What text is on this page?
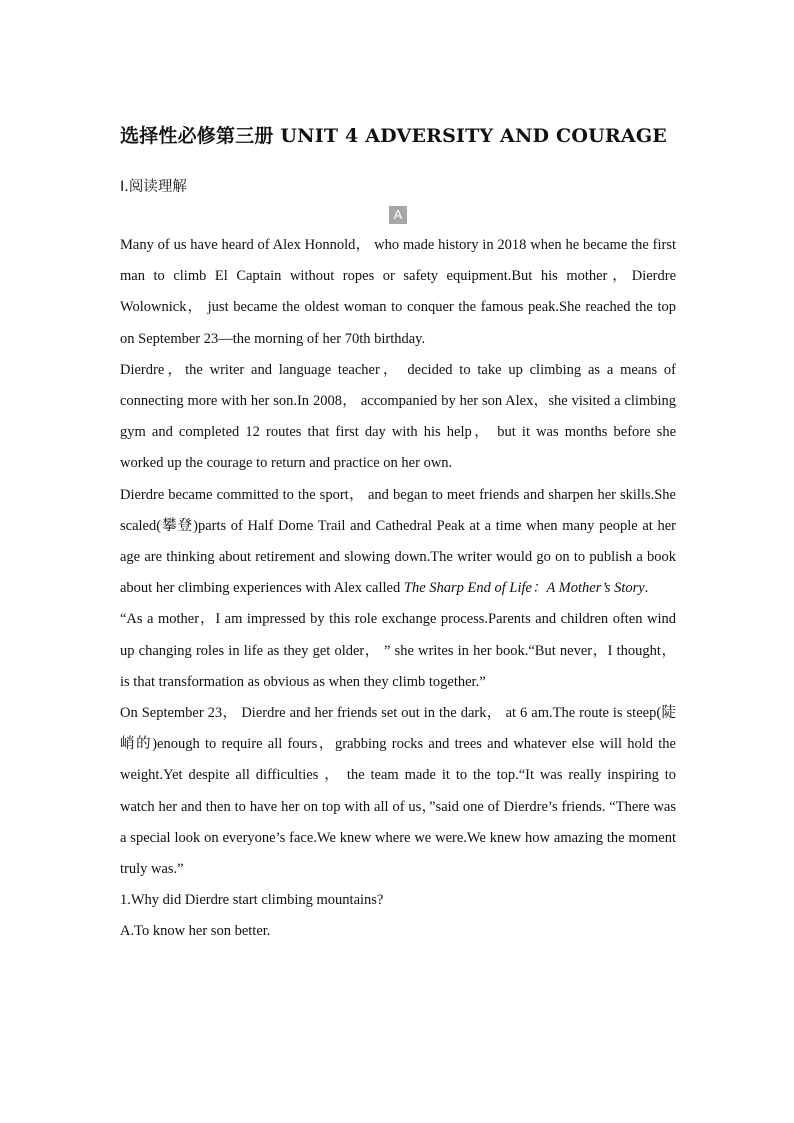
选择性必修第三册 UNIT 4 ADVERSITY AND COURAGE
Ⅰ.阅读理解
A

Many of us have heard of Alex Honnold， who made history in 2018 when he became the first man to climb El Captain without ropes or safety equipment.But his mother，Dierdre Wolownick， just became the oldest woman to conquer the famous peak.She reached the top on September 23—the morning of her 70th birthday.

Dierdre，the writer and language teacher， decided to take up climbing as a means of connecting more with her son.In 2008， accompanied by her son Alex，she visited a climbing gym and completed 12 routes that first day with his help， but it was months before she worked up the courage to return and practice on her own.

Dierdre became committed to the sport， and began to meet friends and sharpen her skills.She scaled(攀登)parts of Half Dome Trail and Cathedral Peak at a time when many people at her age are thinking about retirement and slowing down.The writer would go on to publish a book about her climbing experiences with Alex called The Sharp End of Life：A Mother’s Story.

“As a mother，I am impressed by this role exchange process.Parents and children often wind up changing roles in life as they get older， ” she writes in her book.“But never，I thought， is that transformation as obvious as when they climb together.”

On September 23， Dierdre and her friends set out in the dark， at 6 am.The route is steep(陡峭的)enough to require all fours，grabbing rocks and trees and whatever else will hold the weight.Yet despite all difficulties ， the team made it to the top.“It was really inspiring to watch her and then to have her on top with all of us，”said one of Dierdre’s friends. “There was a special look on everyone’s face.We knew where we were.We knew how amazing the moment truly was.”

1.Why did Dierdre start climbing mountains?

A.To know her son better.
